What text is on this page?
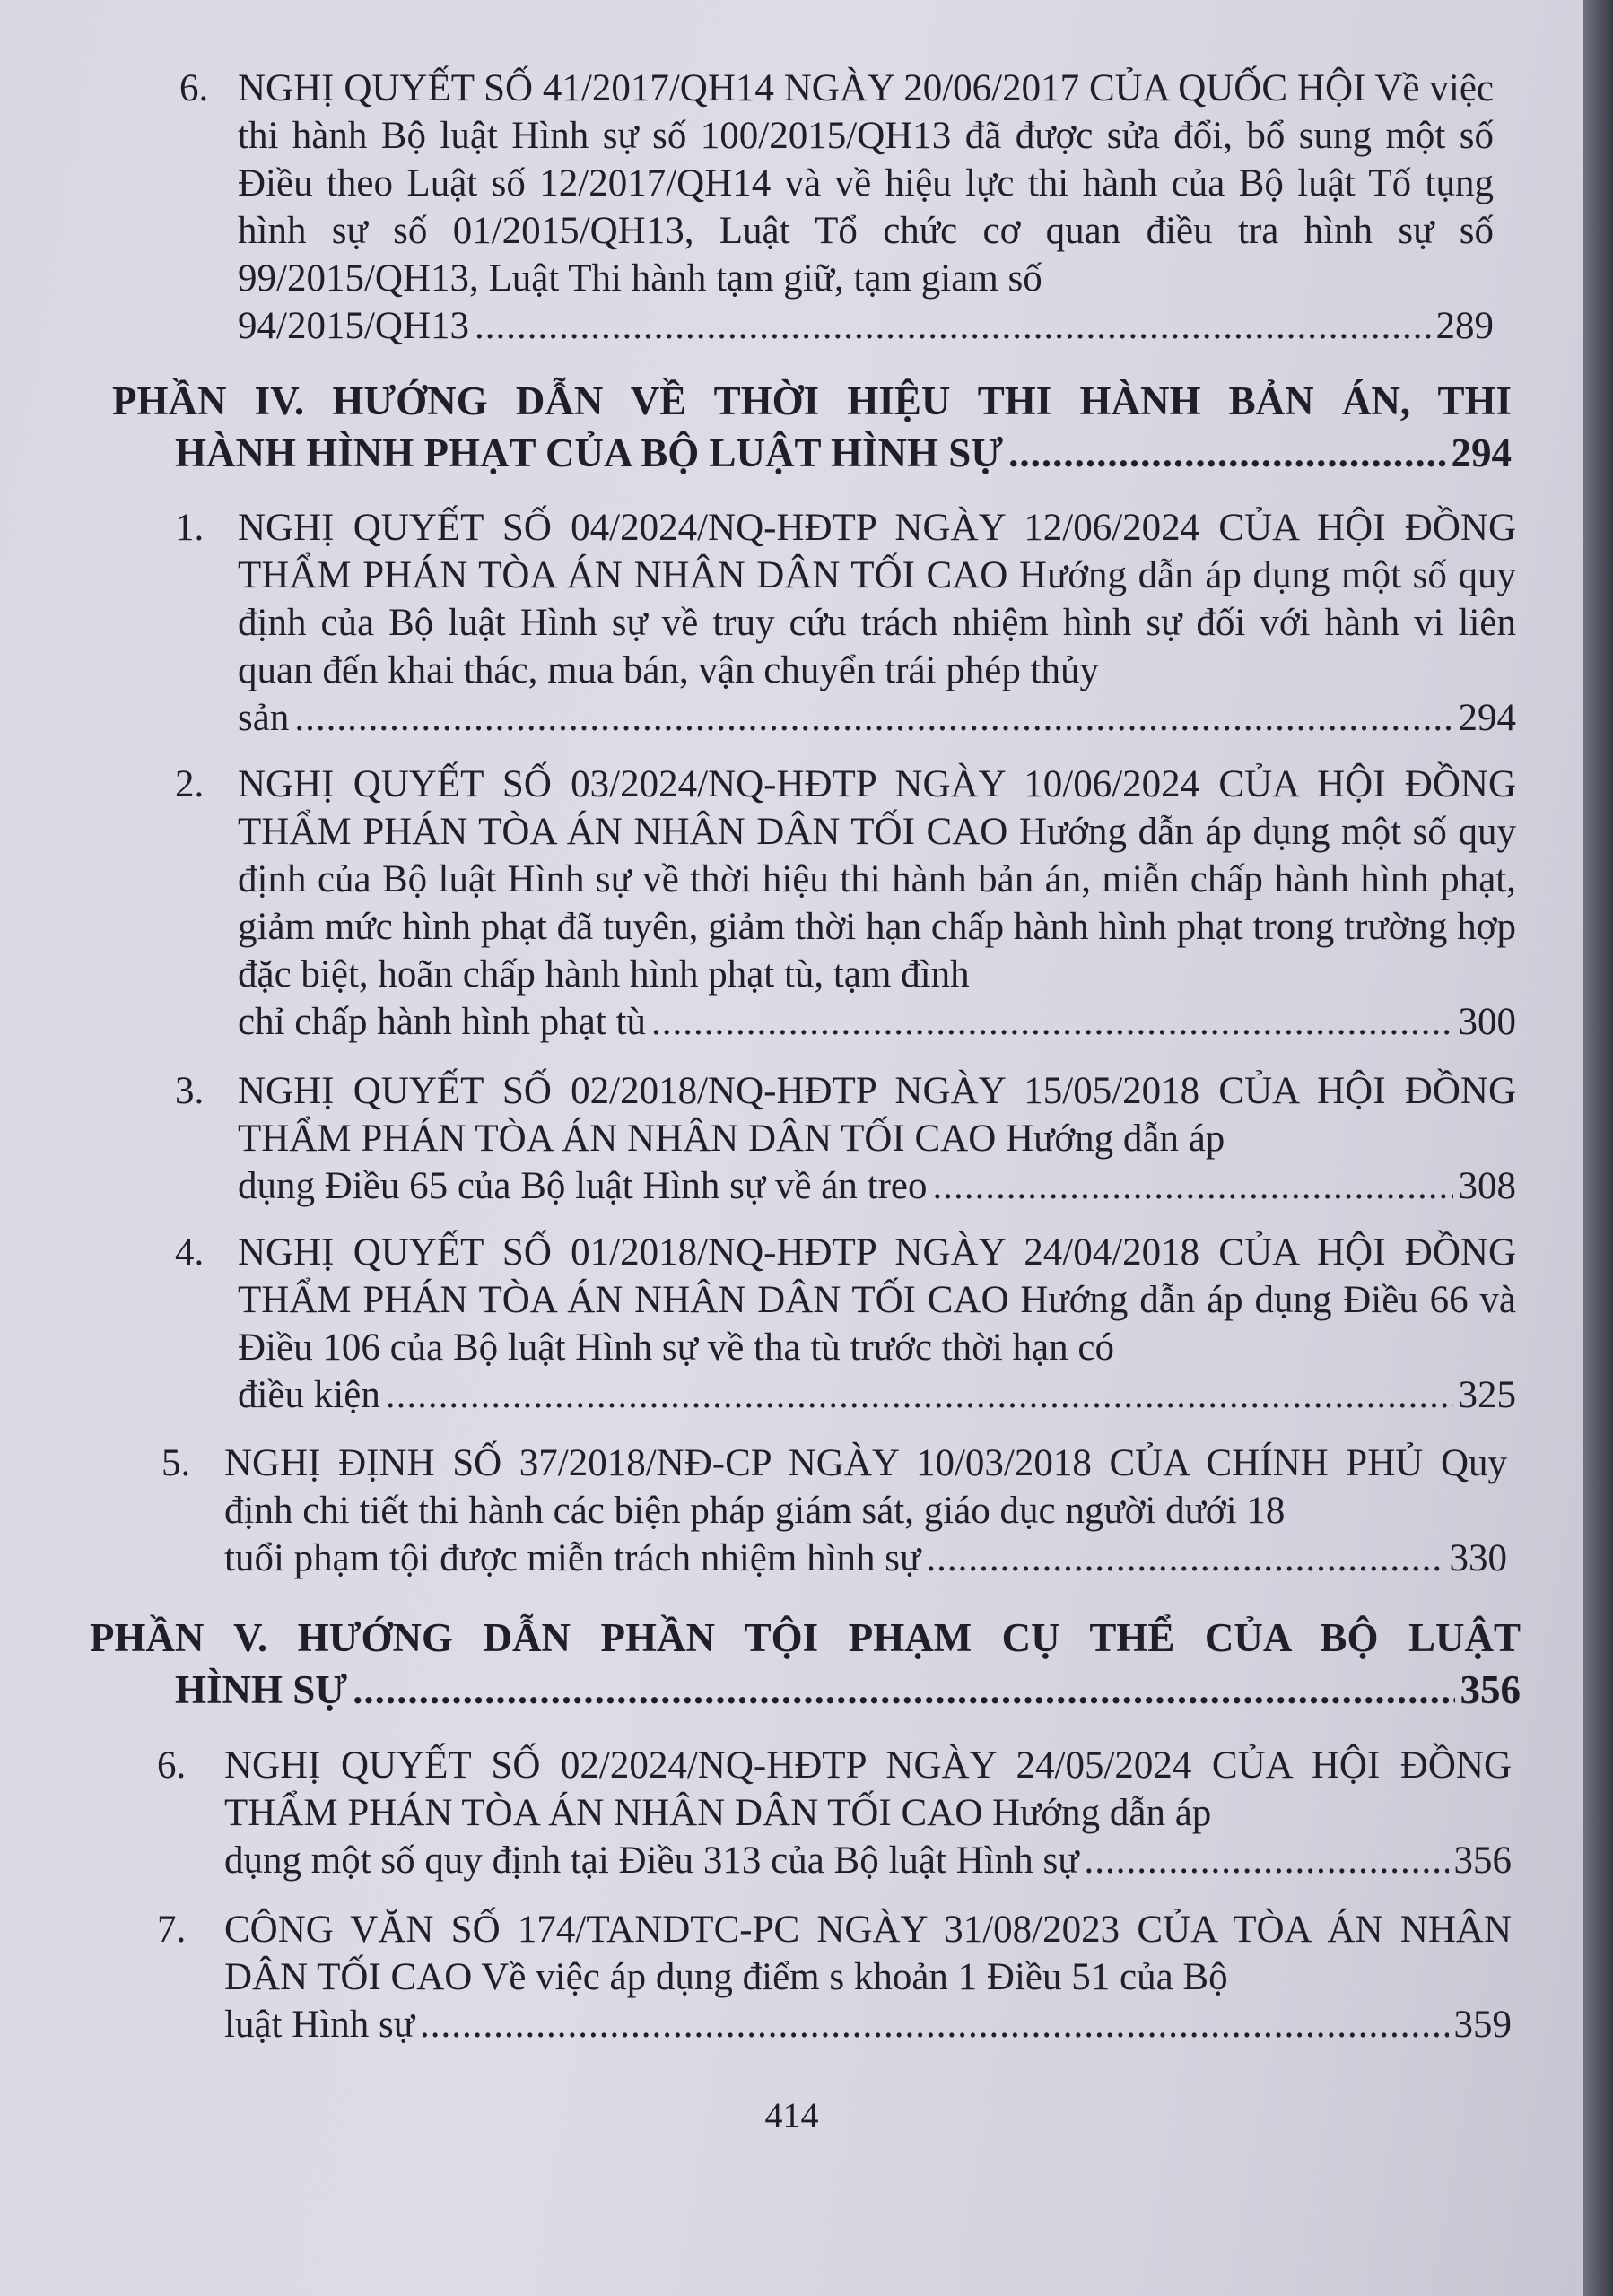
6. NGHỊ QUYẾT SỐ 41/2017/QH14 NGÀY 20/06/2017 CỦA QUỐC HỘI Về việc thi hành Bộ luật Hình sự số 100/2015/QH13 đã được sửa đổi, bổ sung một số Điều theo Luật số 12/2017/QH14 và về hiệu lực thi hành của Bộ luật Tố tụng hình sự số 01/2015/QH13, Luật Tổ chức cơ quan điều tra hình sự số 99/2015/QH13, Luật Thi hành tạm giữ, tạm giam số
94/2015/QH13 .....	289
PHẦN IV. HƯỚNG DẪN VỀ THỜI HIỆU THI HÀNH BẢN ÁN, THI
HÀNH HÌNH PHẠT CỦA BỘ LUẬT HÌNH SỰ .....	294
1. NGHỊ QUYẾT SỐ 04/2024/NQ-HĐTP NGÀY 12/06/2024 CỦA HỘI ĐỒNG THẨM PHÁN TÒA ÁN NHÂN DÂN TỐI CAO Hướng dẫn áp dụng một số quy định của Bộ luật Hình sự về truy cứu trách nhiệm hình sự đối với hành vi liên quan đến khai thác, mua bán, vận chuyển trái phép thủy
sản .....	294
2. NGHỊ QUYẾT SỐ 03/2024/NQ-HĐTP NGÀY 10/06/2024 CỦA HỘI ĐỒNG THẨM PHÁN TÒA ÁN NHÂN DÂN TỐI CAO Hướng dẫn áp dụng một số quy định của Bộ luật Hình sự về thời hiệu thi hành bản án, miễn chấp hành hình phạt, giảm mức hình phạt đã tuyên, giảm thời hạn chấp hành hình phạt trong trường hợp đặc biệt, hoãn chấp hành hình phạt tù, tạm đình
chỉ chấp hành hình phạt tù .....	300
3. NGHỊ QUYẾT SỐ 02/2018/NQ-HĐTP NGÀY 15/05/2018 CỦA HỘI ĐỒNG THẨM PHÁN TÒA ÁN NHÂN DÂN TỐI CAO Hướng dẫn áp
dụng Điều 65 của Bộ luật Hình sự về án treo .....	308
4. NGHỊ QUYẾT SỐ 01/2018/NQ-HĐTP NGÀY 24/04/2018 CỦA HỘI ĐỒNG THẨM PHÁN TÒA ÁN NHÂN DÂN TỐI CAO Hướng dẫn áp dụng Điều 66 và Điều 106 của Bộ luật Hình sự về tha tù trước thời hạn có
điều kiện .....	325
5. NGHỊ ĐỊNH SỐ 37/2018/NĐ-CP NGÀY 10/03/2018 CỦA CHÍNH PHỦ Quy định chi tiết thi hành các biện pháp giám sát, giáo dục người dưới 18
tuổi phạm tội được miễn trách nhiệm hình sự .....	330
PHẦN V. HƯỚNG DẪN PHẦN TỘI PHẠM CỤ THỂ CỦA BỘ LUẬT
HÌNH SỰ .....	356
6. NGHỊ QUYẾT SỐ 02/2024/NQ-HĐTP NGÀY 24/05/2024 CỦA HỘI ĐỒNG THẨM PHÁN TÒA ÁN NHÂN DÂN TỐI CAO Hướng dẫn áp
dụng một số quy định tại Điều 313 của Bộ luật Hình sự .....	356
7. CÔNG VĂN SỐ 174/TANDTC-PC NGÀY 31/08/2023 CỦA TÒA ÁN NHÂN DÂN TỐI CAO Về việc áp dụng điểm s khoản 1 Điều 51 của Bộ
luật Hình sự .....	359
414
